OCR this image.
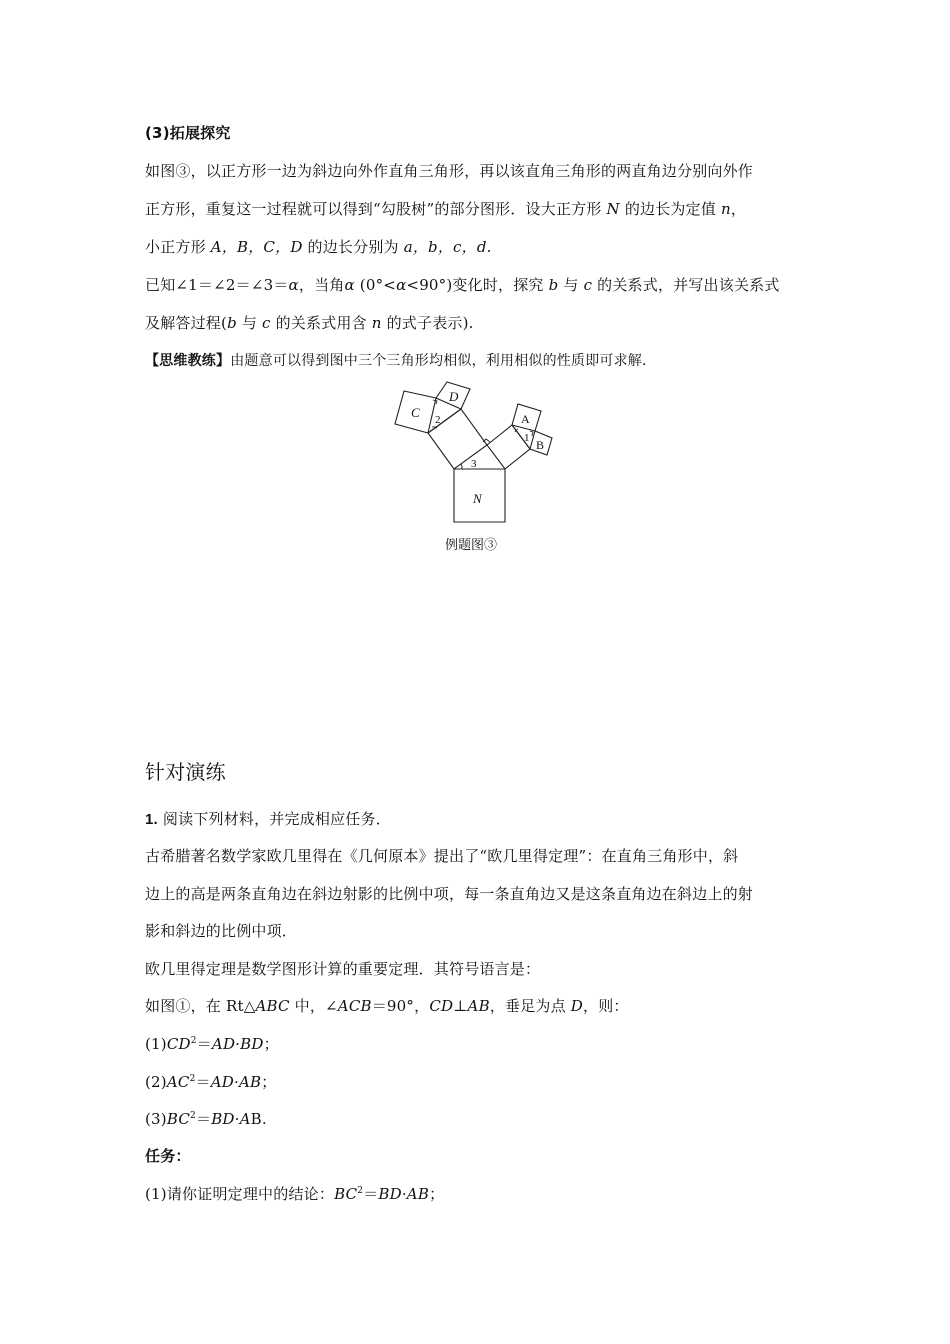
(3)拓展探究
如图③，以正方形一边为斜边向外作直角三角形，再以该直角三角形的两直角边分别向外作
正方形，重复这一过程就可以得到“勾股树”的部分图形．设大正方形 N 的边长为定值 n，
小正方形 A，B，C，D 的边长分别为 a，b，c，d.
已知∠1＝∠2＝∠3＝α，当角α (0°<α<90°)变化时，探究 b 与 c 的关系式，并写出该关系式
及解答过程(b 与 c 的关系式用含 n 的式子表示).
【思维教练】由题意可以得到图中三个三角形均相似，利用相似的性质即可求解．
C
D
N
A
B
1
2
3
例题图③
针对演练
1. 阅读下列材料，并完成相应任务．
古希腊著名数学家欧几里得在《几何原本》提出了“欧几里得定理”：在直角三角形中，斜
边上的高是两条直角边在斜边射影的比例中项，每一条直角边又是这条直角边在斜边上的射
影和斜边的比例中项．
欧几里得定理是数学图形计算的重要定理．其符号语言是：
如图①，在 Rt△ABC 中，∠ACB＝90°，CD⊥AB，垂足为点 D，则：
$(1)CD^2=AD\cdot BD$；
$(2)AC^2=AD\cdot AB$；
$(3)BC^2=BD\cdot AB$.
任务：
(1)请你证明定理中的结论：$BC^2=BD\cdot AB$；
